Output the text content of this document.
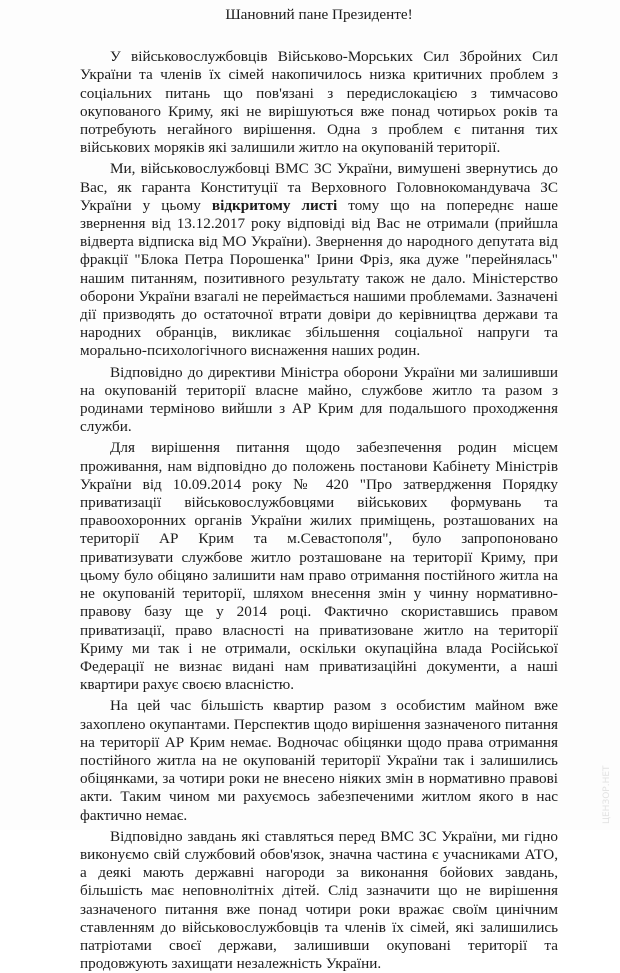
Шановний пане Президенте!

У військовослужбовців Військово-Морських Сил Збройних Сил України та членів їх сімей накопичилось низка критичних проблем з соціальних питань що пов'язані з передислокацією з тимчасово окупованого Криму, які не вирішуються вже понад чотирьох років та потребують негайного вирішення. Одна з проблем є питання тих військових моряків які залишили житло на окупованій території.

Ми, військовослужбовці ВМС ЗС України, вимушені звернутись до Вас, як гаранта Конституції та Верховного Головнокомандувача ЗС України у цьому відкритому листі тому що на попереднє наше звернення від 13.12.2017 року відповіді від Вас не отримали (прийшла відверта відписка від МО України). Звернення до народного депутата від фракції "Блока Петра Порошенка" Ірини Фріз, яка дуже "перейнялась" нашим питанням, позитивного результату також не дало. Міністерство оборони України взагалі не переймається нашими проблемами. Зазначені дії призводять до остаточної втрати довіри до керівництва держави та народних обранців, викликає збільшення соціальної напруги та морально-психологічного виснаження наших родин.

Відповідно до директиви Міністра оборони України ми залишивши на окупованій території власне майно, службове житло та разом з родинами терміново вийшли з АР Крим для подальшого проходження служби.

Для вирішення питання щодо забезпечення родин місцем проживання, нам відповідно до положень постанови Кабінету Міністрів України від 10.09.2014 року № 420 "Про затвердження Порядку приватизації військовослужбовцями військових формувань та правоохоронних органів України жилих приміщень, розташованих на території АР Крим та м.Севастополя", було запропоновано приватизувати службове житло розташоване на території Криму, при цьому було обіцяно залишити нам право отримання постійного житла на не окупованій території, шляхом внесення змін у чинну нормативно-правову базу ще у 2014 році. Фактично скориставшись правом приватизації, право власності на приватизоване житло на території Криму ми так і не отримали, оскільки окупаційна влада Російської Федерації не визнає видані нам приватизаційні документи, а наші квартири рахує своєю власністю.

На цей час більшість квартир разом з особистим майном вже захоплено окупантами. Перспектив щодо вирішення зазначеного питання на території АР Крим немає. Водночас обіцянки щодо права отримання постійного житла на не окупованій території України так і залишились обіцянками, за чотири роки не внесено ніяких змін в нормативно правові акти. Таким чином ми рахуємось забезпеченими житлом якого в нас фактично немає.

Відповідно завдань які ставляться перед ВМС ЗС України, ми гідно виконуємо свій службовий обов'язок, значна частина є учасниками АТО, а деякі мають державні нагороди за виконання бойових завдань, більшість має неповнолітніх дітей. Слід зазначити що не вирішення зазначеного питання вже понад чотири роки вражає своїм цинічним ставленням до військовослужбовців та членів їх сімей, які залишились патріотами своєї держави, залишивши окуповані території та продовжують захищати незалежність України.

ЦЕНЗОР.НЕТ
